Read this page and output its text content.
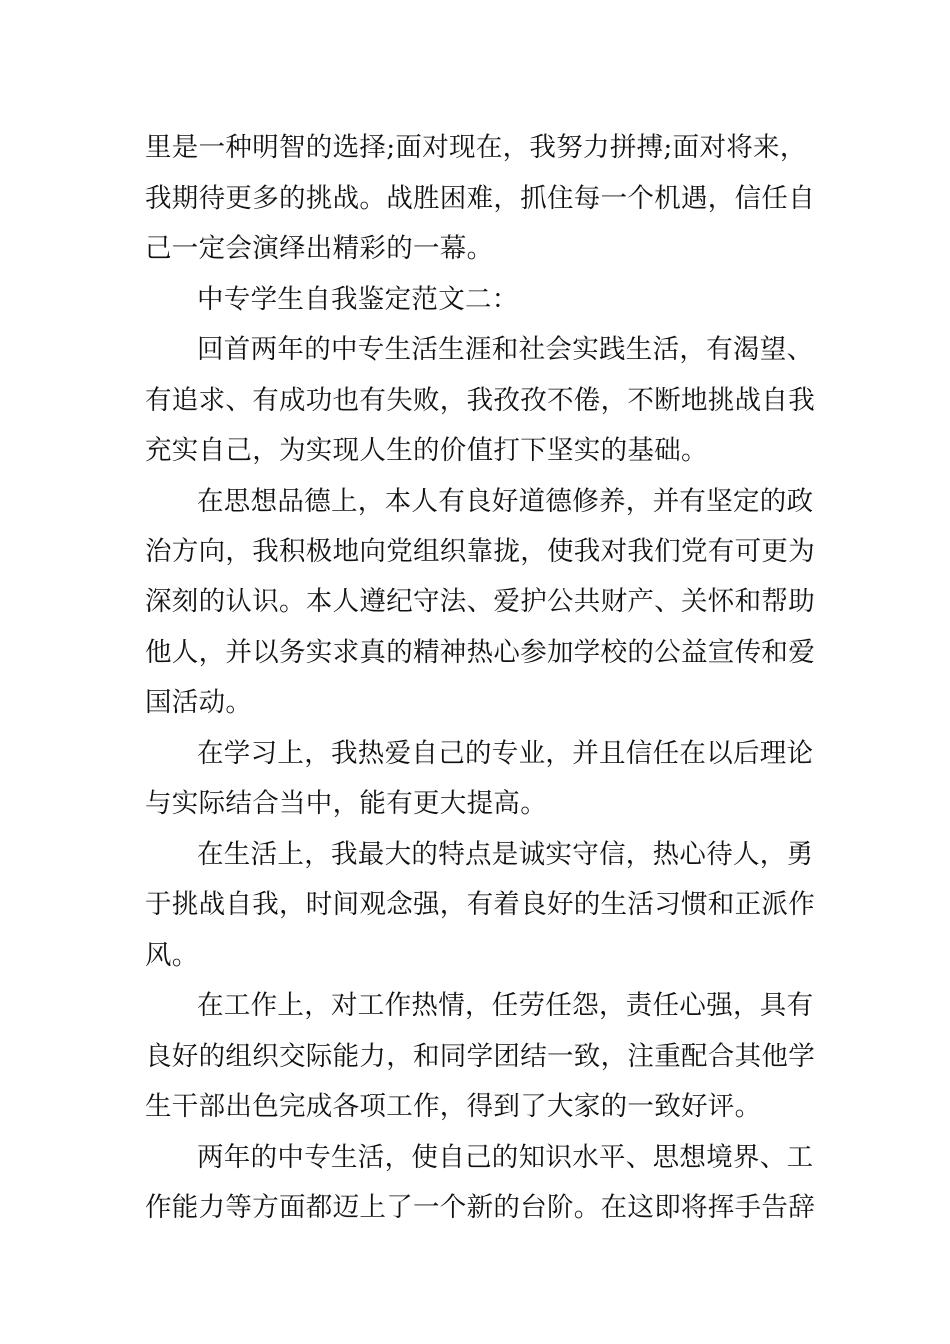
里是一种明智的选择;面对现在，我努力拼搏;面对将来，
我期待更多的挑战。战胜困难，抓住每一个机遇，信任自
己一定会演绎出精彩的一幕。
中专学生自我鉴定范文二：
回首两年的中专生活生涯和社会实践生活，有渴望、
有追求、有成功也有失败，我孜孜不倦，不断地挑战自我
充实自己，为实现人生的价值打下坚实的基础。
在思想品德上，本人有良好道德修养，并有坚定的政
治方向，我积极地向党组织靠拢，使我对我们党有可更为
深刻的认识。本人遵纪守法、爱护公共财产、关怀和帮助
他人，并以务实求真的精神热心参加学校的公益宣传和爱
国活动。
在学习上，我热爱自己的专业，并且信任在以后理论
与实际结合当中，能有更大提高。
在生活上，我最大的特点是诚实守信，热心待人，勇
于挑战自我，时间观念强，有着良好的生活习惯和正派作
风。
在工作上，对工作热情，任劳任怨，责任心强，具有
良好的组织交际能力，和同学团结一致，注重配合其他学
生干部出色完成各项工作，得到了大家的一致好评。
两年的中专生活，使自己的知识水平、思想境界、工
作能力等方面都迈上了一个新的台阶。在这即将挥手告辞
